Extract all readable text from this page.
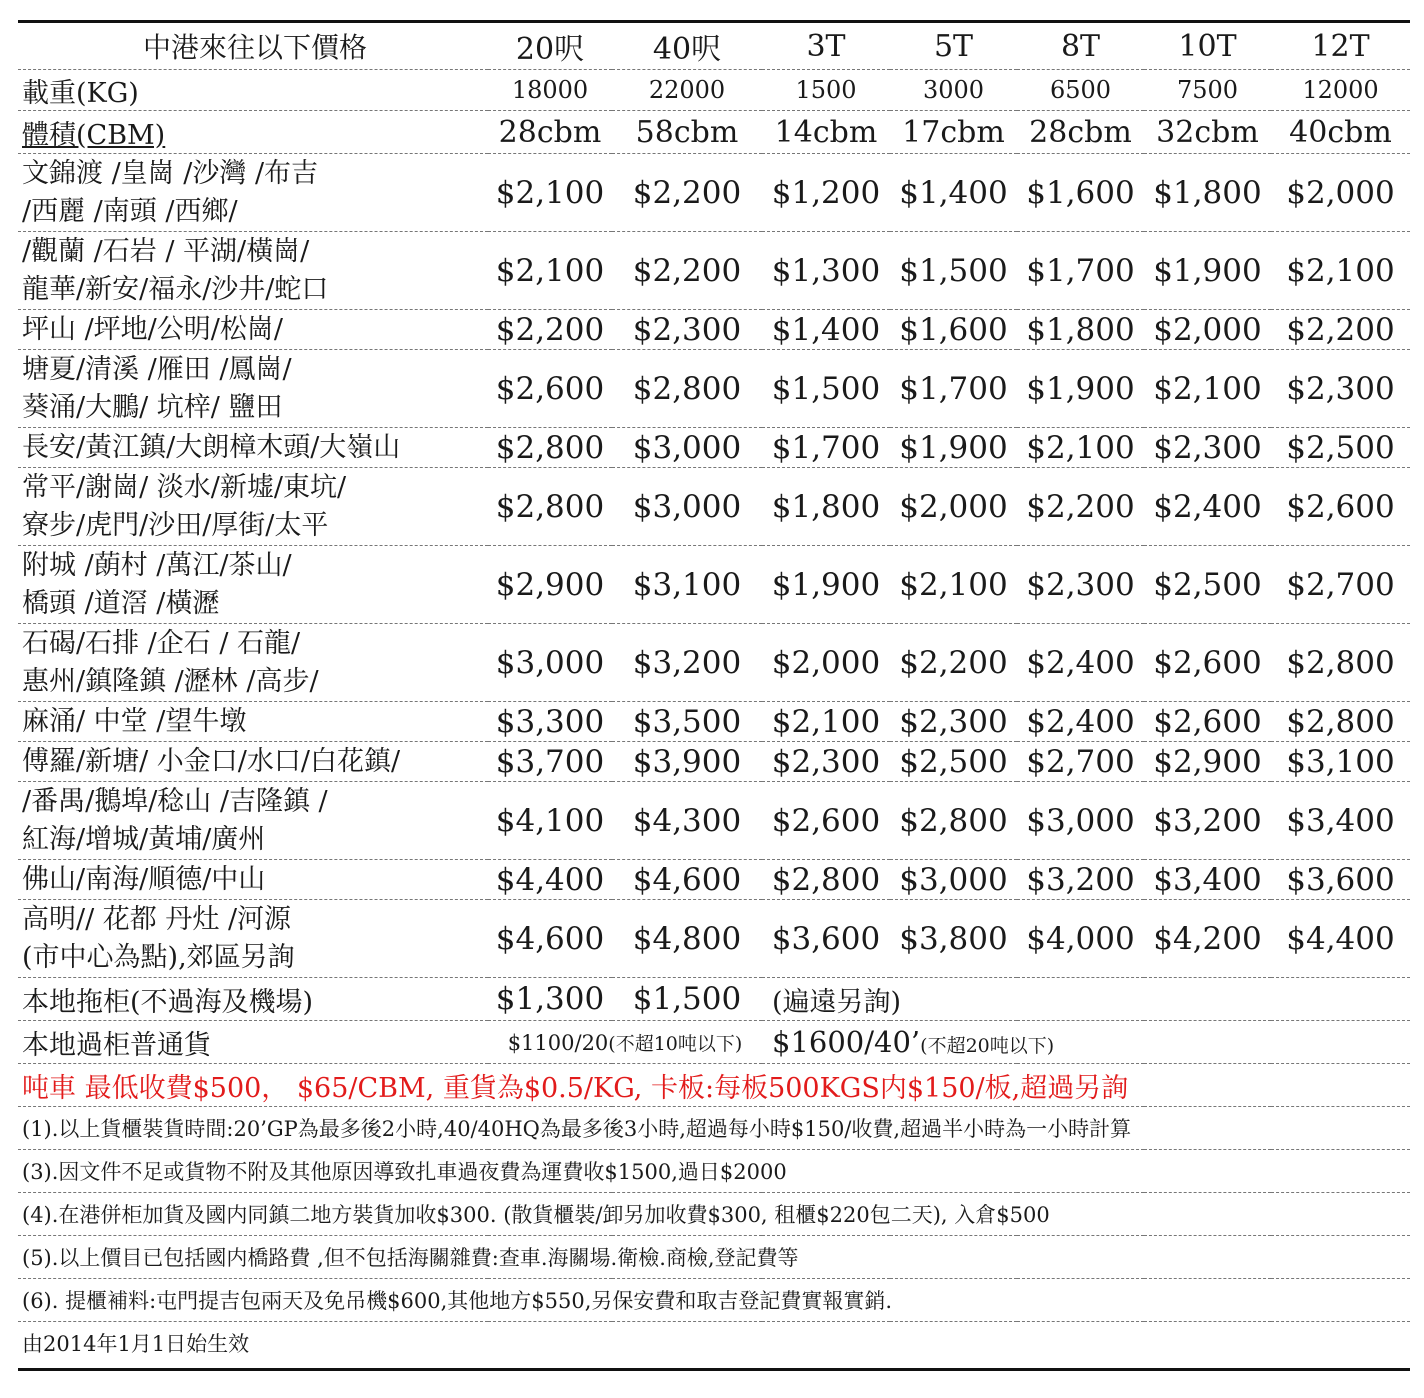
中港來往以下價格	20呎	40呎	3T	5T	8T	10T	12T
載重(KG)	18000	22000	1500	3000	6500	7500	12000
體積(CBM)	28cbm	58cbm	14cbm	17cbm	28cbm	32cbm	40cbm

文錦渡 /皇崗 /沙灣 /布吉
/西麗 /南頭 /西鄉/	$2,100	$2,200	$1,200	$1,400	$1,600	$1,800	$2,000

/觀蘭 /石岩 / 平湖/橫崗/
龍華/新安/福永/沙井/蛇口	$2,100	$2,200	$1,300	$1,500	$1,700	$1,900	$2,100

坪山 /坪地/公明/松崗/	$2,200	$2,300	$1,400	$1,600	$1,800	$2,000	$2,200

塘夏/清溪 /雁田 /鳳崗/
葵涌/大鵬/ 坑梓/ 鹽田	$2,600	$2,800	$1,500	$1,700	$1,900	$2,100	$2,300

長安/黃江鎮/大朗樟木頭/大嶺山	$2,800	$3,000	$1,700	$1,900	$2,100	$2,300	$2,500

常平/謝崗/ 淡水/新墟/東坑/
寮步/虎門/沙田/厚街/太平	$2,800	$3,000	$1,800	$2,000	$2,200	$2,400	$2,600

附城 /蓢村 /萬江/茶山/
橋頭 /道滘 /橫瀝	$2,900	$3,100	$1,900	$2,100	$2,300	$2,500	$2,700

石碣/石排 /企石 / 石龍/
惠州/鎮隆鎮 /瀝林 /高步/	$3,000	$3,200	$2,000	$2,200	$2,400	$2,600	$2,800

麻涌/ 中堂 /望牛墩	$3,300	$3,500	$2,100	$2,300	$2,400	$2,600	$2,800

傅羅/新塘/ 小金口/水口/白花鎮/	$3,700	$3,900	$2,300	$2,500	$2,700	$2,900	$3,100

/番禺/鵝埠/稔山 /吉隆鎮 /
紅海/增城/黃埔/廣州	$4,100	$4,300	$2,600	$2,800	$3,000	$3,200	$3,400

佛山/南海/順德/中山	$4,400	$4,600	$2,800	$3,000	$3,200	$3,400	$3,600

高明// 花都 丹灶 /河源
(市中心為點),郊區另詢	$4,600	$4,800	$3,600	$3,800	$4,000	$4,200	$4,400
本地拖柜(不過海及機場)	$1,300	$1,500	(遍遠另詢)				
本地過柜普通貨	$1100/20(不超10吨以下)		$1600/40’(不超20吨以下)				
吨車 最低收費$500， $65/CBM, 重貨為$0.5/KG, 卡板:每板500KGS内$150/板,超過另詢							
(1).以上貨櫃裝貨時間:20’GP為最多後2小時,40/40HQ為最多後3小時,超過每小時$150/收費,超過半小時為一小時計算							
(3).因文件不足或貨物不附及其他原因導致扎車過夜費為運費收$1500,過日$2000							
(4).在港併柜加貨及國内同鎮二地方裝貨加收$300. (散貨櫃裝/卸另加收費$300, 租櫃$220包二天), 入倉$500							
(5).以上價目已包括國内橋路費 ,但不包括海關雜費:查車.海關場.衛檢.商檢,登記費等							
(6). 提櫃補料:屯門提吉包兩天及免吊機$600,其他地方$550,另保安費和取吉登記費實報實銷.							
由2014年1月1日始生效							
